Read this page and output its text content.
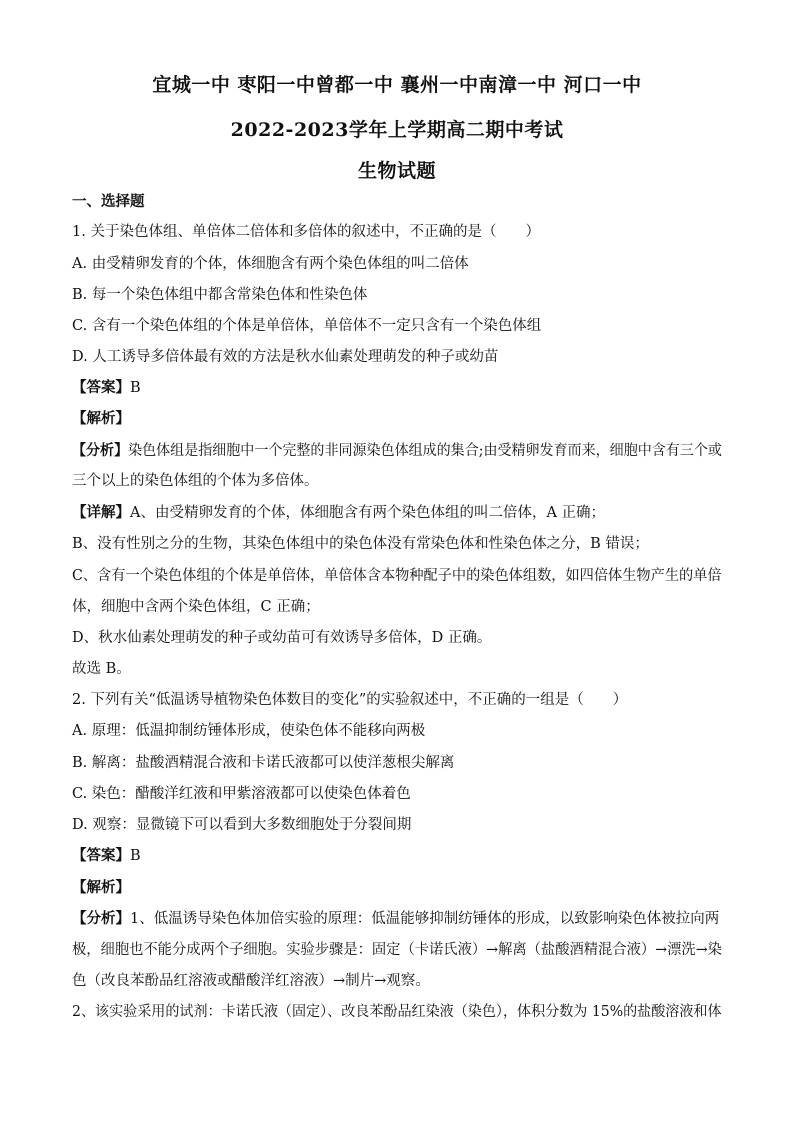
宜城一中 枣阳一中曾都一中 襄州一中南漳一中 河口一中
2022-2023学年上学期高二期中考试
生物试题
一、选择题
1. 关于染色体组、单倍体二倍体和多倍体的叙述中，不正确的是（　　）
A. 由受精卵发育的个体，体细胞含有两个染色体组的叫二倍体
B. 每一个染色体组中都含常染色体和性染色体
C. 含有一个染色体组的个体是单倍体，单倍体不一定只含有一个染色体组
D. 人工诱导多倍体最有效的方法是秋水仙素处理萌发的种子或幼苗
【答案】B
【解析】
【分析】染色体组是指细胞中一个完整的非同源染色体组成的集合;由受精卵发育而来，细胞中含有三个或
三个以上的染色体组的个体为多倍体。
【详解】A、由受精卵发育的个体，体细胞含有两个染色体组的叫二倍体，A 正确；
B、没有性别之分的生物，其染色体组中的染色体没有常染色体和性染色体之分，B 错误；
C、含有一个染色体组的个体是单倍体，单倍体含本物种配子中的染色体组数，如四倍体生物产生的单倍
体，细胞中含两个染色体组，C 正确；
D、秋水仙素处理萌发的种子或幼苗可有效诱导多倍体，D 正确。
故选 B。
2. 下列有关“低温诱导植物染色体数目的变化”的实验叙述中，不正确的一组是（　　）
A. 原理：低温抑制纺锤体形成，使染色体不能移向两极
B. 解离：盐酸酒精混合液和卡诺氏液都可以使洋葱根尖解离
C. 染色：醋酸洋红液和甲紫溶液都可以使染色体着色
D. 观察：显微镜下可以看到大多数细胞处于分裂间期
【答案】B
【解析】
【分析】1、低温诱导染色体加倍实验的原理：低温能够抑制纺锤体的形成，以致影响染色体被拉向两
极，细胞也不能分成两个子细胞。实验步骤是：固定（卡诺氏液）→解离（盐酸酒精混合液）→漂洗→染
色（改良苯酚品红溶液或醋酸洋红溶液）→制片→观察。
2、该实验采用的试剂：卡诺氏液（固定）、改良苯酚品红染液（染色），体积分数为 15%的盐酸溶液和体
